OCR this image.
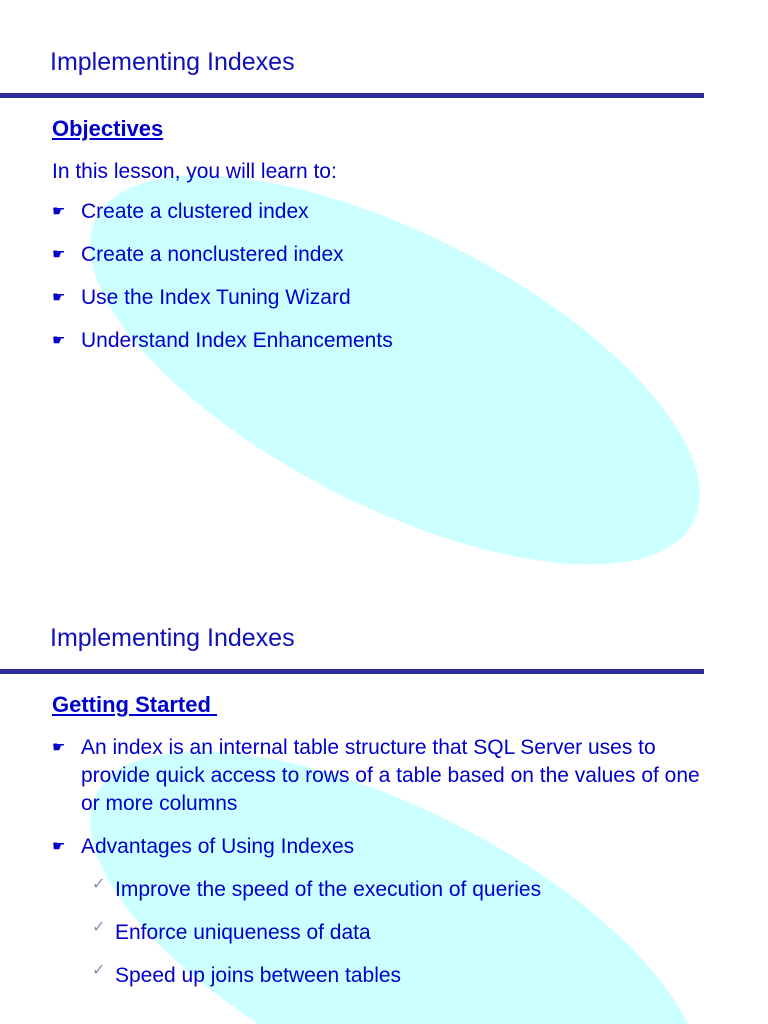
Implementing Indexes
Objectives
In this lesson, you will learn to:
☛ Create a clustered index
☛ Create a nonclustered index
☛ Use the Index Tuning Wizard
☛ Understand Index Enhancements
Implementing Indexes
Getting Started
☛ An index is an internal table structure that SQL Server uses to provide quick access to rows of a table based on the values of one or more columns
☛ Advantages of Using Indexes
✓ Improve the speed of the execution of queries
✓ Enforce uniqueness of data
✓ Speed up joins between tables
